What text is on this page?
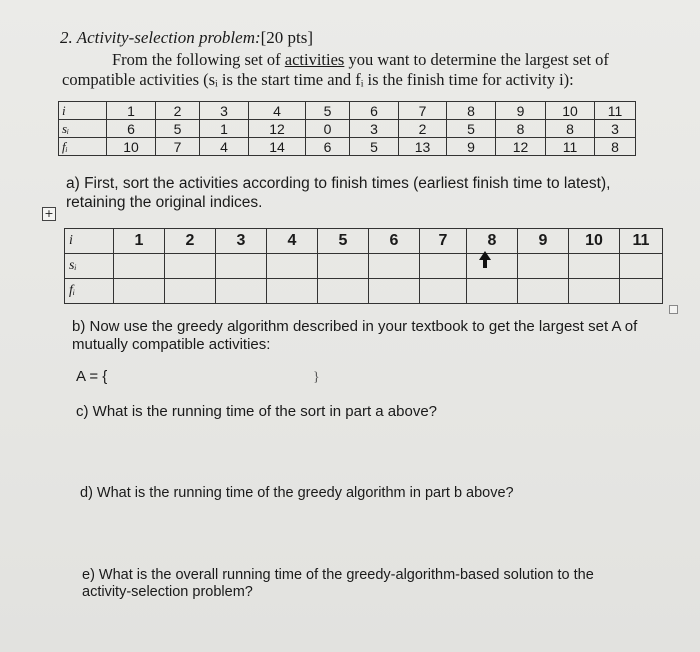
2. Activity-selection problem:[20 pts]
From the following set of activities you want to determine the largest set of
compatible activities (sᵢ is the start time and fᵢ is the finish time for activity i):
i	1	2	3	4	5	6	7	8	9	10	11
sᵢ	6	5	1	12	0	3	2	5	8	8	3
fᵢ	10	7	4	14	6	5	13	9	12	11	8
a) First, sort the activities according to finish times (earliest finish time to latest),
retaining the original indices.
+
i	1	2	3	4	5	6	7	8	9	10	11
sᵢ											
fᵢ											
b) Now use the greedy algorithm described in your textbook to get the largest set A of
mutually compatible activities:
A = {	}
c) What is the running time of the sort in part a above?
d) What is the running time of the greedy algorithm in part b above?
e) What is the overall running time of the greedy-algorithm-based solution to the
activity-selection problem?
